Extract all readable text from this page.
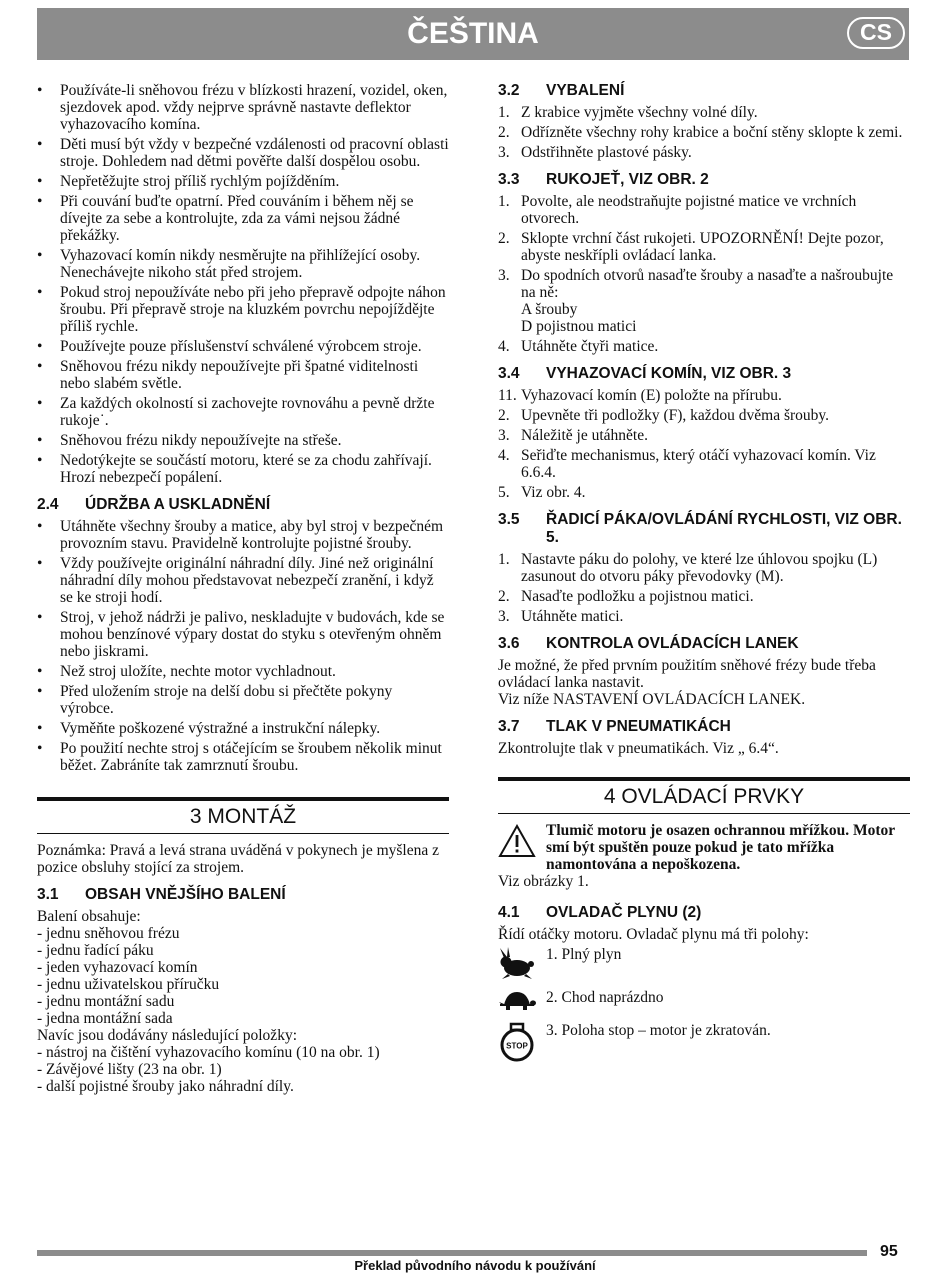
ČEŠTINA	CS
• Používáte-li sněhovou frézu v blízkosti hrazení, vozidel, oken, sjezdovek apod. vždy nejprve správně nastavte deflektor vyhazovacího komína.
• Děti musí být vždy v bezpečné vzdálenosti od pracovní oblasti stroje. Dohledem nad dětmi pověřte další dospělou osobu.
• Nepřetěžujte stroj příliš rychlým pojížděním.
• Při couvání buďte opatrní. Před couváním i během něj se dívejte za sebe a kontrolujte, zda za vámi nejsou žádné překážky.
• Vyhazovací komín nikdy nesměrujte na přihlížející osoby. Nenechávejte nikoho stát před strojem.
• Pokud stroj nepoužíváte nebo při jeho přepravě odpojte náhon šroubu. Při přepravě stroje na kluzkém povrchu nepojíždějte příliš rychle.
• Používejte pouze příslušenství schválené výrobcem stroje.
• Sněhovou frézu nikdy nepoužívejte při špatné viditelnosti nebo slabém světle.
• Za každých okolností si zachovejte rovnováhu a pevně držte rukoje˙.
• Sněhovou frézu nikdy nepoužívejte na střeše.
• Nedotýkejte se součástí motoru, které se za chodu zahřívají. Hrozí nebezpečí popálení.
2.4	ÚDRŽBA A USKLADNĚNÍ
• Utáhněte všechny šrouby a matice, aby byl stroj v bezpečném provozním stavu. Pravidelně kontrolujte pojistné šrouby.
• Vždy používejte originální náhradní díly. Jiné než originální náhradní díly mohou představovat nebezpečí zranění, i když se ke stroji hodí.
• Stroj, v jehož nádrži je palivo, neskladujte v budovách, kde se mohou benzínové výpary dostat do styku s otevřeným ohněm nebo jiskrami.
• Než stroj uložíte, nechte motor vychladnout.
• Před uložením stroje na delší dobu si přečtěte pokyny výrobce.
• Vyměňte poškozené výstražné a instrukční nálepky.
• Po použití nechte stroj s otáčejícím se šroubem několik minut běžet. Zabráníte tak zamrznutí šroubu.
3 MONTÁŽ
Poznámka: Pravá a levá strana uváděná v pokynech je myšlena z pozice obsluhy stojící za strojem.
3.1	OBSAH VNĚJŠÍHO BALENÍ
Balení obsahuje:
- jednu sněhovou frézu
- jednu řadící páku
- jeden vyhazovací komín
- jednu uživatelskou příručku
- jednu montážní sadu
- jedna montážní sada
Navíc jsou dodávány následující položky:
- nástroj na čištění vyhazovacího komínu (10 na obr. 1)
- Závějové lišty (23 na obr. 1)
- další pojistné šrouby jako náhradní díly.
3.2	VYBALENÍ
1. Z krabice vyjměte všechny volné díly.
2. Odřízněte všechny rohy krabice a boční stěny sklopte k zemi.
3. Odstřihněte plastové pásky.
3.3	RUKOJEŤ, VIZ OBR. 2
1. Povolte, ale neodstraňujte pojistné matice ve vrchních otvorech.
2. Sklopte vrchní část rukojeti. UPOZORNĚNÍ! Dejte pozor, abyste neskřípli ovládací lanka.
3. Do spodních otvorů nasaďte šrouby a nasaďte a našroubujte na ně:
A šrouby
D pojistnou matici
4. Utáhněte čtyři matice.
3.4	VYHAZOVACÍ KOMÍN, VIZ OBR. 3
11. Vyhazovací komín (E) položte na přírubu.
2. Upevněte tři podložky (F), každou dvěma šrouby.
3. Náležitě je utáhněte.
4. Seřiďte mechanismus, který otáčí vyhazovací komín. Viz 6.6.4.
5. Viz obr. 4.
3.5	ŘADICÍ PÁKA/OVLÁDÁNÍ RYCHLOSTI, VIZ OBR. 5.
1. Nastavte páku do polohy, ve které lze úhlovou spojku (L) zasunout do otvoru páky převodovky (M).
2. Nasaďte podložku a pojistnou matici.
3. Utáhněte matici.
3.6	KONTROLA OVLÁDACÍCH LANEK
Je možné, že před prvním použitím sněhové frézy bude třeba ovládací lanka nastavit.
Viz níže NASTAVENÍ OVLÁDACÍCH LANEK.
3.7	TLAK V PNEUMATIKÁCH
Zkontrolujte tlak v pneumatikách. Viz „ 6.4“.
4 OVLÁDACÍ PRVKY
Tlumič motoru je osazen ochrannou mřížkou. Motor smí být spuštěn pouze pokud je tato mřížka namontována a nepoškozena.
Viz obrázky 1.
4.1	OVLADAČ PLYNU (2)
Řídí otáčky motoru. Ovladač plynu má tři polohy:
1. Plný plyn
2. Chod naprázdno
STOP
3. Poloha stop – motor je zkratován.
95
Překlad původního návodu k používání
